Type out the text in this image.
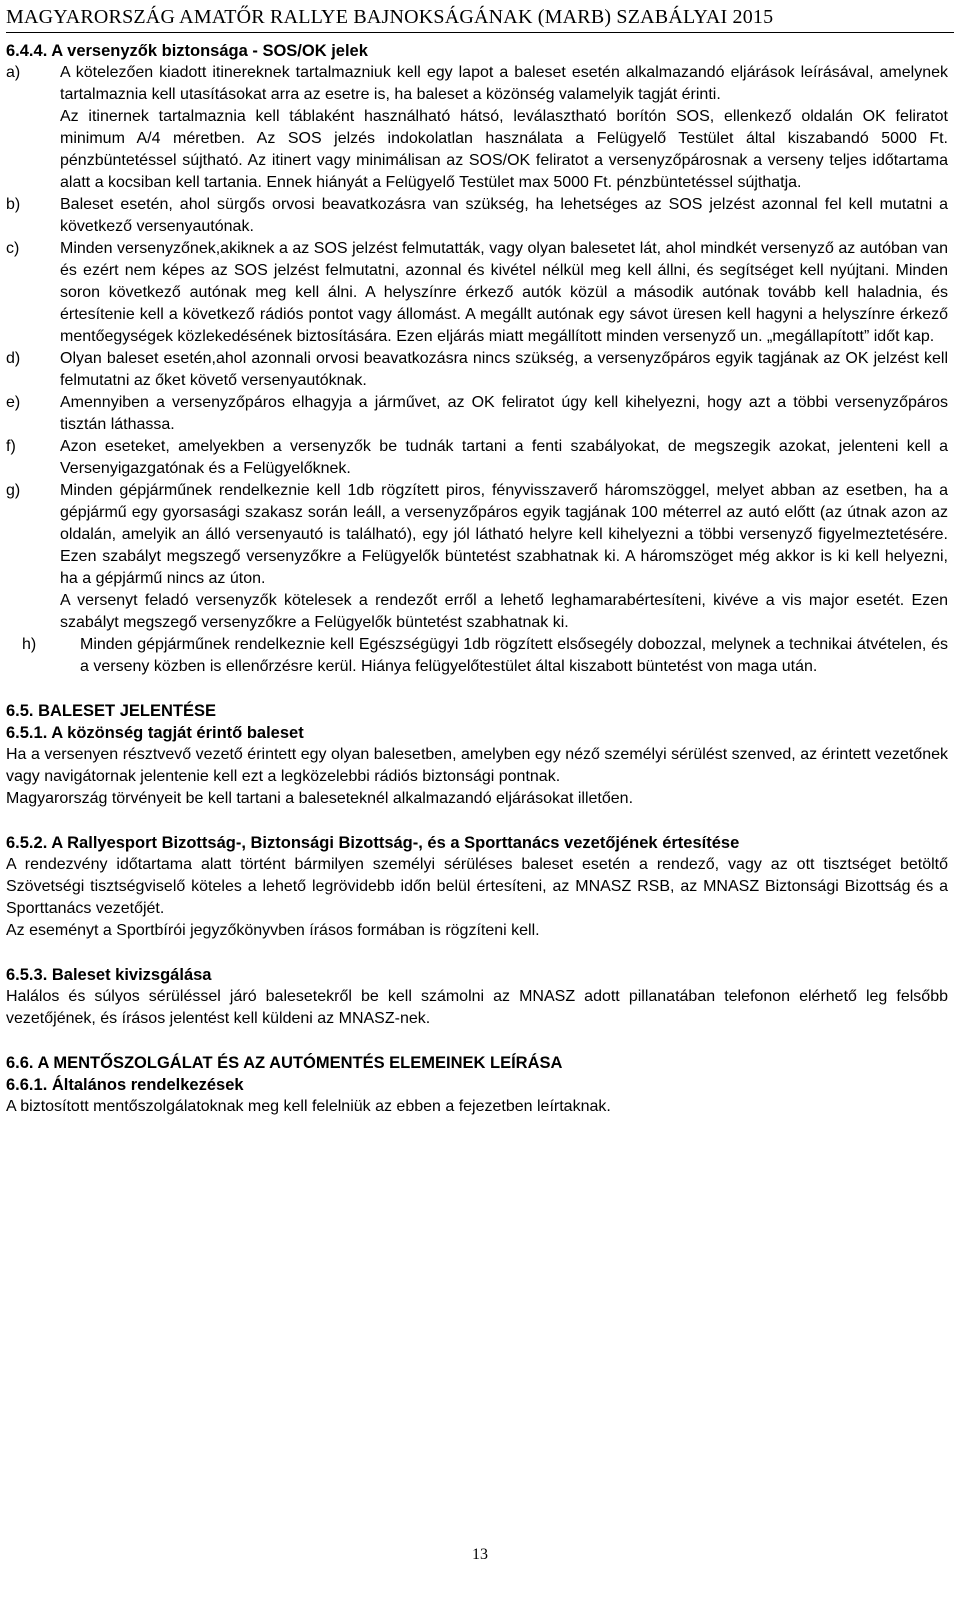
MAGYARORSZÁG AMATŐR RALLYE BAJNOKSÁGÁNAK (MARB) SZABÁLYAI 2015
6.4.4. A versenyzők biztonsága - SOS/OK jelek
a)	A kötelezően kiadott itinereknek tartalmazniuk kell egy lapot a baleset esetén alkalmazandó eljárások leírásával, amelynek tartalmaznia kell utasításokat arra az esetre is, ha baleset a közönség valamelyik tagját érinti.

Az itinernek tartalmaznia kell táblaként használható hátsó, leválasztható borítón SOS, ellenkező oldalán OK feliratot minimum A/4 méretben. Az SOS jelzés indokolatlan használata a Felügyelő Testület által kiszabandó 5000 Ft. pénzbüntetéssel sújtható. Az itinert vagy minimálisan az SOS/OK feliratot a versenyzőpárosnak a verseny teljes időtartama alatt a kocsiban kell tartania. Ennek hiányát a Felügyelő Testület max 5000 Ft. pénzbüntetéssel sújthatja.

b)	Baleset esetén, ahol sürgős orvosi beavatkozásra van szükség, ha lehetséges az SOS jelzést azonnal fel kell mutatni a következő versenyautónak.
c)	Minden versenyzőnek,akiknek a az SOS jelzést felmutatták, vagy olyan balesetet lát, ahol mindkét versenyző az autóban van és ezért nem képes az SOS jelzést felmutatni, azonnal és kivétel nélkül meg kell állni, és segítséget kell nyújtani. Minden soron következő autónak meg kell álni. A helyszínre érkező autók közül a második autónak tovább kell haladnia, és értesítenie kell a következő rádiós pontot vagy állomást. A megállt autónak egy sávot üresen kell hagyni a helyszínre érkező mentőegységek közlekedésének biztosítására. Ezen eljárás miatt megállított minden versenyző un. „megállapított” időt kap.
d)	Olyan baleset esetén,ahol azonnali orvosi beavatkozásra nincs szükség, a versenyzőpáros egyik tagjának az OK jelzést kell felmutatni az őket követő versenyautóknak.
e)	Amennyiben a versenyzőpáros elhagyja a járművet, az OK feliratot úgy kell kihelyezni, hogy azt a többi versenyzőpáros tisztán láthassa.
f)	Azon eseteket, amelyekben a versenyzők be tudnák tartani a fenti szabályokat, de megszegik azokat, jelenteni kell a Versenyigazgatónak és a Felügyelőknek.
g)	Minden gépjárműnek rendelkeznie kell 1db rögzített piros, fényvisszaverő háromszöggel, melyet abban az esetben, ha a gépjármű egy gyorsasági szakasz során leáll, a versenyzőpáros egyik tagjának 100 méterrel az autó előtt (az útnak azon az oldalán, amelyik an álló versenyautó is található), egy jól látható helyre kell kihelyezni a többi versenyző figyelmeztetésére. Ezen szabályt megszegő versenyzőkre a Felügyelők büntetést szabhatnak ki. A háromszöget még akkor is ki kell helyezni, ha a gépjármű nincs az úton.

A versenyt feladó versenyzők kötelesek a rendezőt erről a lehető leghamarabértesíteni, kivéve a vis major esetét. Ezen szabályt megszegő versenyzőkre a Felügyelők büntetést szabhatnak ki.

h)	Minden gépjárműnek rendelkeznie kell Egészségügyi 1db rögzített elsősegély dobozzal, melynek a technikai átvételen, és a verseny közben is ellenőrzésre kerül. Hiánya felügyelőtestület által kiszabott büntetést von maga után.
6.5. BALESET JELENTÉSE
6.5.1. A közönség tagját érintő baleset

Ha a versenyen résztvevő vezető érintett egy olyan balesetben, amelyben egy néző személyi sérülést szenved, az érintett vezetőnek vagy navigátornak jelentenie kell ezt a legközelebbi rádiós biztonsági pontnak.

Magyarország törvényeit be kell tartani a baleseteknél alkalmazandó eljárásokat illetően.

6.5.2. A Rallyesport Bizottság-, Biztonsági Bizottság-, és a Sporttanács vezetőjének értesítése

A rendezvény időtartama alatt történt bármilyen személyi sérüléses baleset esetén a rendező, vagy az ott tisztséget betöltő Szövetségi tisztségviselő köteles a lehető legrövidebb időn belül értesíteni, az MNASZ RSB, az MNASZ Biztonsági Bizottság és a Sporttanács vezetőjét.

Az eseményt a Sportbírói jegyzőkönyvben írásos formában is rögzíteni kell.

6.5.3. Baleset kivizsgálása

Halálos és súlyos sérüléssel járó balesetekről be kell számolni az MNASZ adott pillanatában telefonon elérhető leg felsőbb vezetőjének, és írásos jelentést kell küldeni az MNASZ-nek.

6.6. A MENTŐSZOLGÁLAT ÉS AZ AUTÓMENTÉS ELEMEINEK LEÍRÁSA
6.6.1. Általános rendelkezések

A biztosított mentőszolgálatoknak meg kell felelniük az ebben a fejezetben leírtaknak.

13
